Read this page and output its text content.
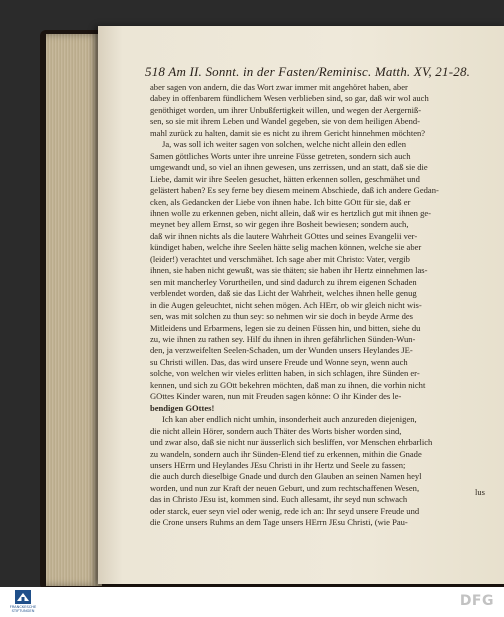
518 Am II. Sonnt. in der Fasten/Reminisc. Matth. XV, 21-28.
aber sagen von andern, die das Wort zwar immer mit angehöret haben, aber
dabey in offenbarem fündlichem Wesen verblieben sind, so gar, daß wir wol auch
genöthiget worden, um ihrer Unbußfertigkeit willen, und wegen der Aergerniß-
sen, so sie mit ihrem Leben und Wandel gegeben, sie von dem heiligen Abend-
mahl zurück zu halten, damit sie es nicht zu ihrem Gericht hinnehmen möchten?
Ja, was soll ich weiter sagen von solchen, welche nicht allein den edlen
Samen göttliches Worts unter ihre unreine Füsse getreten, sondern sich auch
umgewandt und, so viel an ihnen gewesen, uns zerrissen, und an statt, daß sie die
Liebe, damit wir ihre Seelen gesuchet, hätten erkennen sollen, geschmähet und
gelästert haben? Es sey ferne bey diesem meinem Abschiede, daß ich andere Gedan-
cken, als Gedancken der Liebe von ihnen habe. Ich bitte GOtt für sie, daß er
ihnen wolle zu erkennen geben, nicht allein, daß wir es hertzlich gut mit ihnen ge-
meynet bey allem Ernst, so wir gegen ihre Bosheit bewiesen; sondern auch,
daß wir ihnen nichts als die lautere Wahrheit GOttes und seines Evangelii ver-
kündiget haben, welche ihre Seelen hätte selig machen können, welche sie aber
(leider!) verachtet und verschmähet. Ich sage aber mit Christo: Vater, vergib
ihnen, sie haben nicht gewußt, was sie thäten; sie haben ihr Hertz einnehmen las-
sen mit mancherley Vorurtheilen, und sind dadurch zu ihrem eigenen Schaden
verblendet worden, daß sie das Licht der Wahrheit, welches ihnen helle genug
in die Augen geleuchtet, nicht sehen mögen. Ach HErr, ob wir gleich nicht wis-
sen, was mit solchen zu thun sey: so nehmen wir sie doch in beyde Arme des
Mitleidens und Erbarmens, legen sie zu deinen Füssen hin, und bitten, siehe du
zu, wie ihnen zu rathen sey. Hilf du ihnen in ihren gefährlichen Sünden-Wun-
den, ja verzweifelten Seelen-Schaden, um der Wunden unsers Heylandes JE-
su Christi willen. Das, das wird unsere Freude und Wonne seyn, wenn auch
solche, von welchen wir vieles erlitten haben, in sich schlagen, ihre Sünden er-
kennen, und sich zu GOtt bekehren möchten, daß man zu ihnen, die vorhin nicht
GOttes Kinder waren, nun mit Freuden sagen könne: O ihr Kinder des le-
bendigen GOttes!
Ich kan aber endlich nicht umhin, insonderheit auch anzureden diejenigen,
die nicht allein Hörer, sondern auch Thäter des Worts bisher worden sind,
und zwar also, daß sie nicht nur äusserlich sich besliffen, vor Menschen ehrbarlich
zu wandeln, sondern auch ihr Sünden-Elend tief zu erkennen, mithin die Gnade
unsers HErrn und Heylandes JEsu Christi in ihr Hertz und Seele zu fassen;
die auch durch dieselbige Gnade und durch den Glauben an seinen Namen heyl
worden, und nun zur Kraft der neuen Geburt, und zum rechtschaffenen Wesen,
das in Christo JEsu ist, kommen sind. Euch allesamt, ihr seyd nun schwach
oder starck, euer seyn viel oder wenig, rede ich an: Ihr seyd unsere Freude und
die Crone unsers Ruhms an dem Tage unsers HErrn JEsu Christi, (wie Pau-
lus
FRANCKESCHE STIFTUNGEN
DFG
